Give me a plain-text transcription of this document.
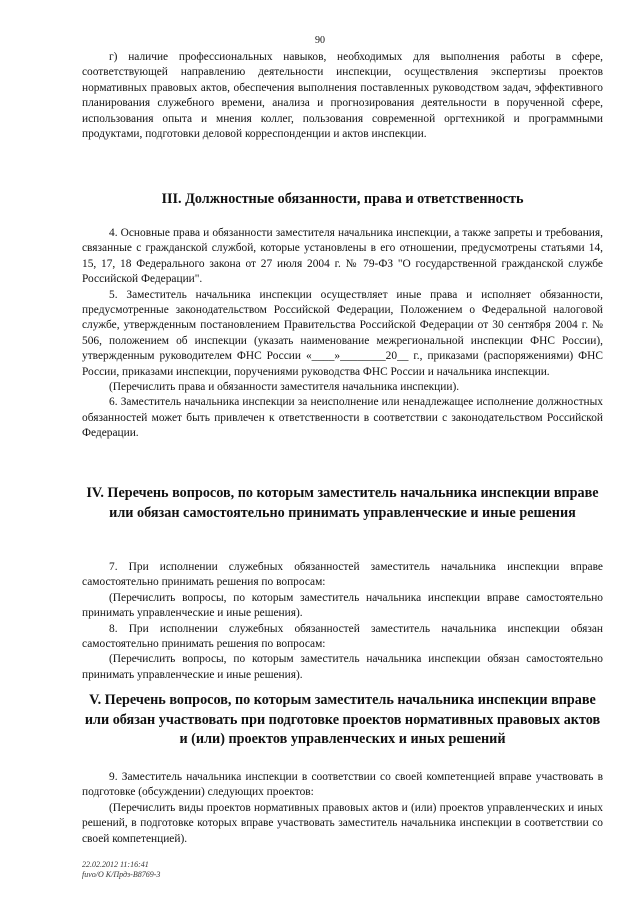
90

г) наличие профессиональных навыков, необходимых для выполнения работы в сфере, соответствующей направлению деятельности инспекции, осуществления экспертизы проектов нормативных правовых актов, обеспечения выполнения поставленных руководством задач, эффективного планирования служебного времени, анализа и прогнозирования деятельности в порученной сфере, использования опыта и мнения коллег, пользования современной оргтехникой и программными продуктами, подготовки деловой корреспонденции и актов инспекции.

III. Должностные обязанности, права и ответственность

4. Основные права и обязанности заместителя начальника инспекции, а также запреты и требования, связанные с гражданской службой, которые установлены в его отношении, предусмотрены статьями 14, 15, 17, 18 Федерального закона от 27 июля 2004 г. № 79-ФЗ "О государственной гражданской службе Российской Федерации".

5. Заместитель начальника инспекции осуществляет иные права и исполняет обязанности, предусмотренные законодательством Российской Федерации, Положением о Федеральной налоговой службе, утвержденным постановлением Правительства Российской Федерации от 30 сентября 2004 г. № 506, положением об инспекции (указать наименование межрегиональной инспекции ФНС России), утвержденным руководителем ФНС России «____»________20__ г., приказами (распоряжениями) ФНС России, приказами инспекции, поручениями руководства ФНС России и начальника инспекции.

(Перечислить права и обязанности заместителя начальника инспекции).

6. Заместитель начальника инспекции за неисполнение или ненадлежащее исполнение должностных обязанностей может быть привлечен к ответственности в соответствии с законодательством Российской Федерации.

IV. Перечень вопросов, по которым заместитель начальника инспекции вправе или обязан самостоятельно принимать управленческие и иные решения

7. При исполнении служебных обязанностей заместитель начальника инспекции вправе самостоятельно принимать решения по вопросам:

(Перечислить вопросы, по которым заместитель начальника инспекции вправе самостоятельно принимать управленческие и иные решения).

8. При исполнении служебных обязанностей заместитель начальника инспекции обязан самостоятельно принимать решения по вопросам:

(Перечислить вопросы, по которым заместитель начальника инспекции обязан самостоятельно принимать управленческие и иные решения).

V. Перечень вопросов, по которым заместитель начальника инспекции вправе или обязан участвовать при подготовке проектов нормативных правовых актов и (или) проектов управленческих и иных решений

9. Заместитель начальника инспекции в соответствии со своей компетенцией вправе участвовать в подготовке (обсуждении) следующих проектов:

(Перечислить виды проектов нормативных правовых актов и (или) проектов управленческих и иных решений, в подготовке которых вправе участвовать заместитель начальника инспекции в соответствии со своей компетенцией).

22.02.2012 11:16:41
fuvo/O K/Прдз-B8769-3
